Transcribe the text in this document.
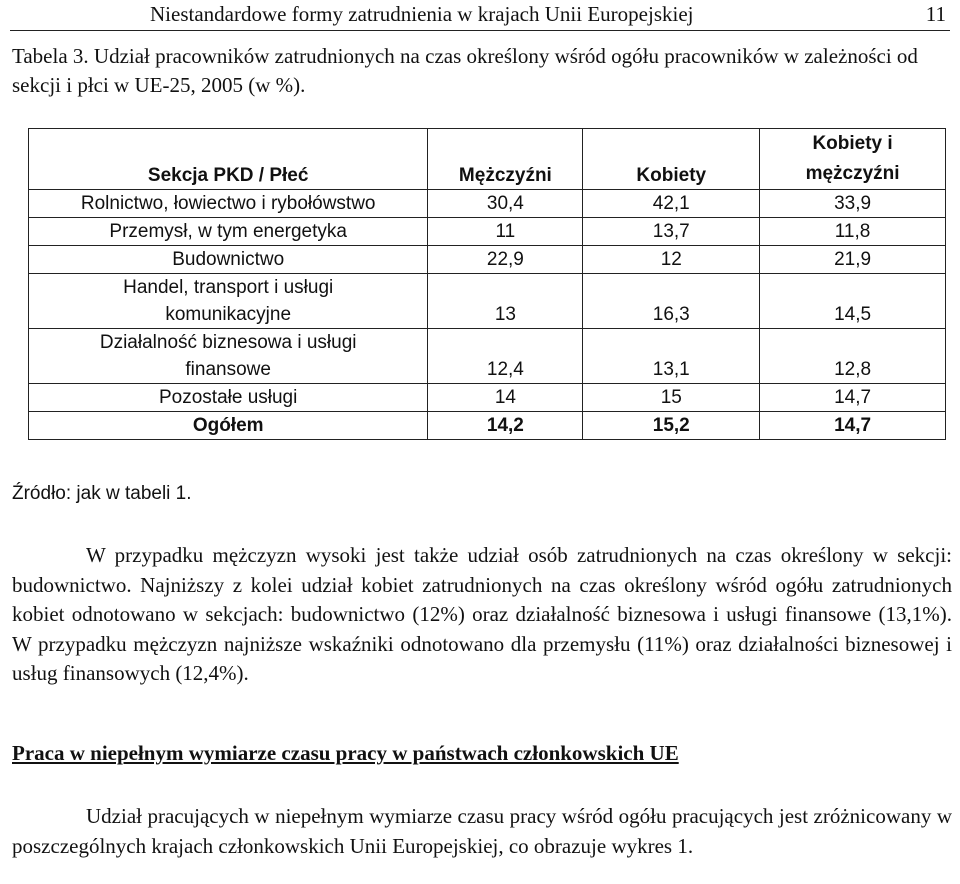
Niestandardowe formy zatrudnienia w krajach Unii Europejskiej	11
Tabela 3. Udział pracowników zatrudnionych na czas określony wśród ogółu pracowników w zależności od sekcji i płci w UE-25, 2005 (w %).
Sekcja PKD / Płeć	Mężczyźni	Kobiety	Kobiety i
mężczyźni
Rolnictwo, łowiectwo i rybołówstwo	30,4	42,1	33,9
Przemysł, w tym energetyka	11	13,7	11,8
Budownictwo	22,9	12	21,9
Handel, transport i usługi
komunikacyjne	13	16,3	14,5
Działalność biznesowa i usługi
finansowe	12,4	13,1	12,8
Pozostałe usługi	14	15	14,7
Ogółem	14,2	15,2	14,7
Źródło: jak w tabeli 1.
W przypadku mężczyzn wysoki jest także udział osób zatrudnionych na czas określony w sekcji: budownictwo. Najniższy z kolei udział kobiet zatrudnionych na czas określony wśród ogółu zatrudnionych kobiet odnotowano w sekcjach: budownictwo (12%) oraz działalność biznesowa i usługi finansowe (13,1%). W przypadku mężczyzn najniższe wskaźniki odnotowano dla przemysłu (11%) oraz działalności biznesowej i usług finansowych (12,4%).
Praca w niepełnym wymiarze czasu pracy w państwach członkowskich UE
Udział pracujących w niepełnym wymiarze czasu pracy wśród ogółu pracujących jest zróżnicowany w poszczególnych krajach członkowskich Unii Europejskiej, co obrazuje wykres 1.
